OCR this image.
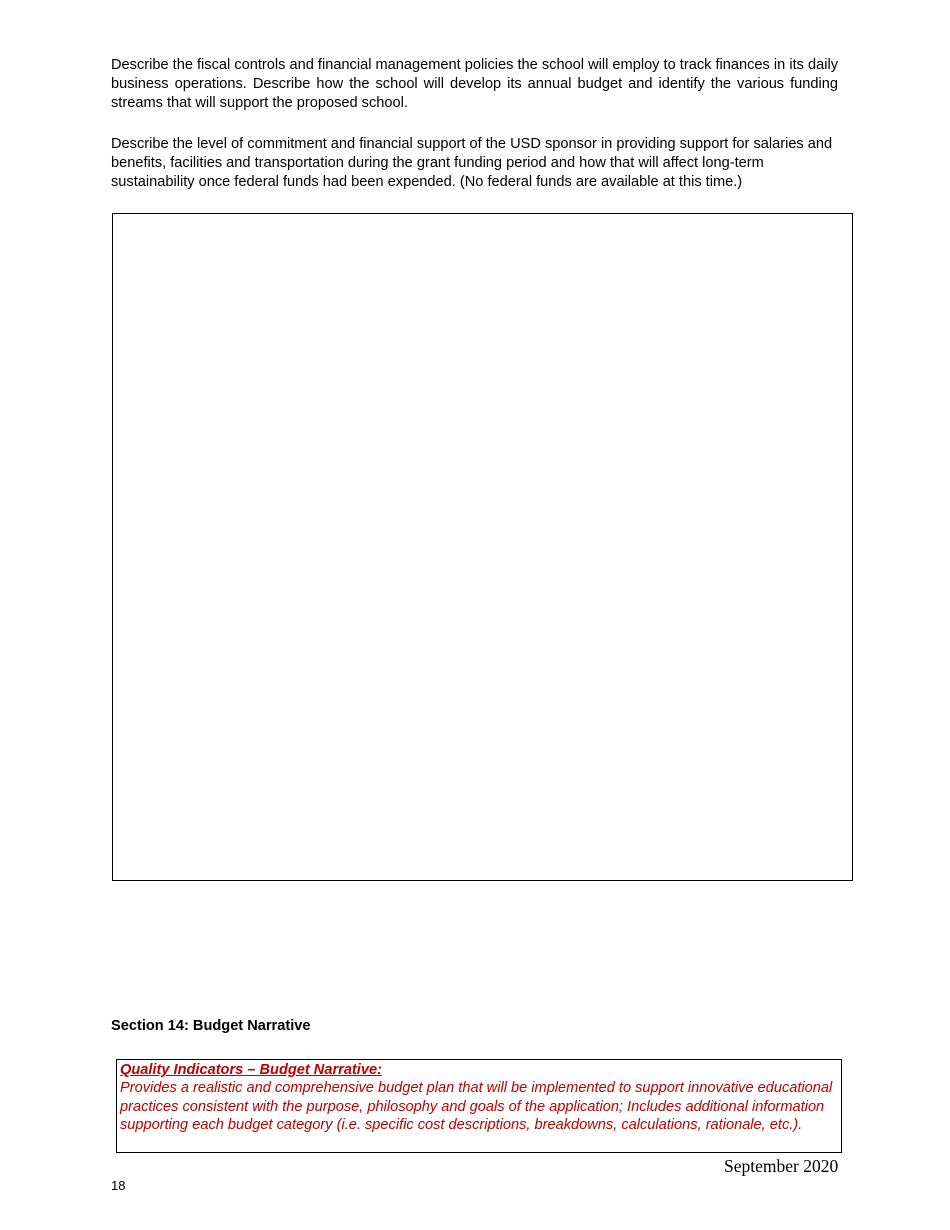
Describe the fiscal controls and financial management policies the school will employ to track finances in its daily business operations. Describe how the school will develop its annual budget and identify the various funding streams that will support the proposed school.

Describe the level of commitment and financial support of the USD sponsor in providing support for salaries and benefits, facilities and transportation during the grant funding period and how that will affect long-term sustainability once federal funds had been expended. (No federal funds are available at this time.)

Section 14: Budget Narrative

Quality Indicators – Budget Narrative:
Provides a realistic and comprehensive budget plan that will be implemented to support innovative educational practices consistent with the purpose, philosophy and goals of the application; Includes additional information supporting each budget category (i.e. specific cost descriptions, breakdowns, calculations, rationale, etc.).
September 2020
18
